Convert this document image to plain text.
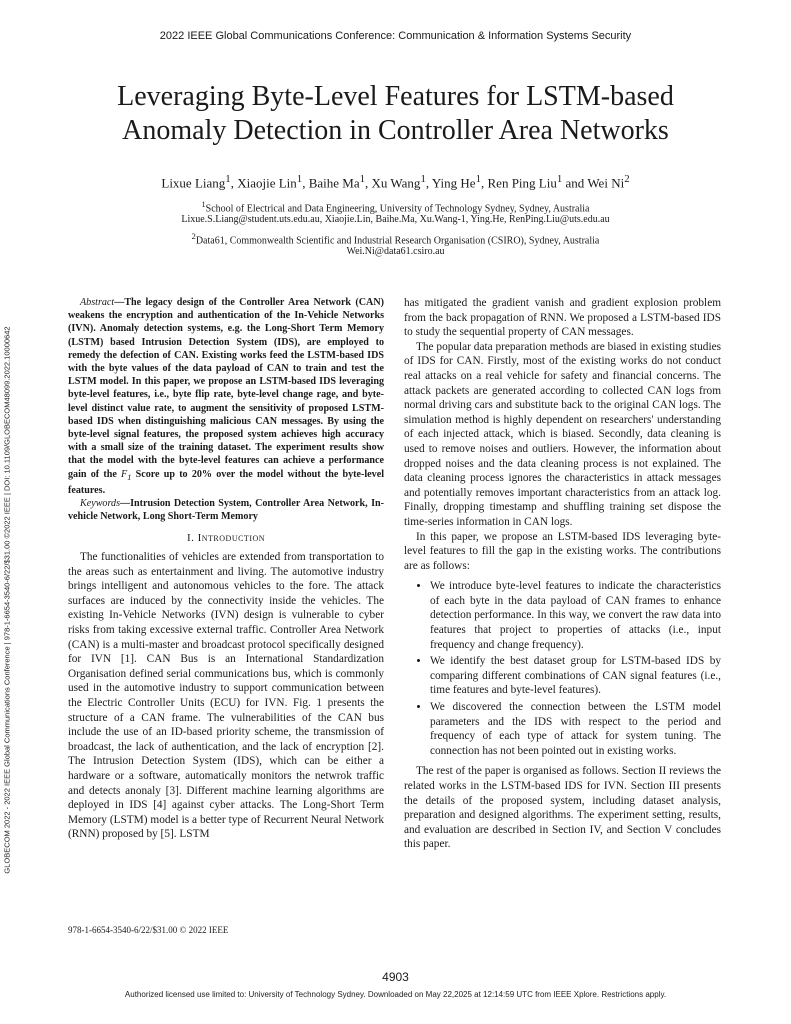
2022 IEEE Global Communications Conference: Communication & Information Systems Security
Leveraging Byte-Level Features for LSTM-based
Anomaly Detection in Controller Area Networks
Lixue Liang$^1$, Xiaojie Lin$^1$, Baihe Ma$^1$, Xu Wang$^1$, Ying He$^1$, Ren Ping Liu$^1$ and Wei Ni$^2$
$^1$School of Electrical and Data Engineering, University of Technology Sydney, Sydney, Australia
Lixue.S.Liang@student.uts.edu.au, Xiaojie.Lin, Baihe.Ma, Xu.Wang-1, Ying.He, RenPing.Liu@uts.edu.au
$^2$Data61, Commonwealth Scientific and Industrial Research Organisation (CSIRO), Sydney, Australia
Wei.Ni@data61.csiro.au
GLOBECOM 2022 - 2022 IEEE Global Communications Conference | 978-1-6654-3540-6/22/$31.00 ©2022 IEEE | DOI: 10.1109/GLOBECOM48099.2022.10000642

Abstract—The legacy design of the Controller Area Network (CAN) weakens the encryption and authentication of the In-Vehicle Networks (IVN). Anomaly detection systems, e.g. the Long-Short Term Memory (LSTM) based Intrusion Detection System (IDS), are employed to remedy the defection of CAN. Existing works feed the LSTM-based IDS with the byte values of the data payload of CAN to train and test the LSTM model. In this paper, we propose an LSTM-based IDS leveraging byte-level features, i.e., byte flip rate, byte-level change rage, and byte-level distinct value rate, to augment the sensitivity of proposed LSTM-based IDS when distinguishing malicious CAN messages. By using the byte-level signal features, the proposed system achieves high accuracy with a small size of the training dataset. The experiment results show that the model with the byte-level features can achieve a performance gain of the $F_1$ Score up to 20% over the model without the byte-level features.

Keywords—Intrusion Detection System, Controller Area Network, In-vehicle Network, Long Short-Term Memory

I. Introduction

The functionalities of vehicles are extended from transportation to the areas such as entertainment and living. The automotive industry brings intelligent and autonomous vehicles to the fore. The attack surfaces are induced by the connectivity inside the vehicles. The existing In-Vehicle Networks (IVN) design is vulnerable to cyber risks from taking excessive external traffic. Controller Area Network (CAN) is a multi-master and broadcast protocol specifically designed for IVN [1]. CAN Bus is an International Standardization Organisation defined serial communications bus, which is commonly used in the automotive industry to support communication between the Electric Controller Units (ECU) for IVN. Fig. 1 presents the structure of a CAN frame. The vulnerabilities of the CAN bus include the use of an ID-based priority scheme, the transmission of broadcast, the lack of authentication, and the lack of encryption [2]. The Intrusion Detection System (IDS), which can be either a hardware or a software, automatically monitors the netwrok traffic and detects anonaly [3]. Different machine learning algorithms are deployed in IDS [4] against cyber attacks. The Long-Short Term Memory (LSTM) model is a better type of Recurrent Neural Network (RNN) proposed by [5]. LSTM

978-1-6654-3540-6/22/$31.00 © 2022 IEEE

has mitigated the gradient vanish and gradient explosion problem from the back propagation of RNN. We proposed a LSTM-based IDS to study the sequential property of CAN messages.

The popular data preparation methods are biased in existing studies of IDS for CAN. Firstly, most of the existing works do not conduct real attacks on a real vehicle for safety and financial concerns. The attack packets are generated according to collected CAN logs from normal driving cars and substitute back to the original CAN logs. The simulation method is highly dependent on researchers' understanding of each injected attack, which is biased. Secondly, data cleaning is used to remove noises and outliers. However, the information about dropped noises and the data cleaning process is not explained. The data cleaning process ignores the characteristics in attack messages and potentially removes important characteristics from an attack log. Finally, dropping timestamp and shuffling training set dispose the time-series information in CAN logs.

In this paper, we propose an LSTM-based IDS leveraging byte-level features to fill the gap in the existing works. The contributions are as follows:

• We introduce byte-level features to indicate the characteristics of each byte in the data payload of CAN frames to enhance detection performance. In this way, we convert the raw data into features that project to properties of attacks (i.e., input frequency and change frequency).
• We identify the best dataset group for LSTM-based IDS by comparing different combinations of CAN signal features (i.e., time features and byte-level features).
• We discovered the connection between the LSTM model parameters and the IDS with respect to the period and frequency of each type of attack for system tuning. The connection has not been pointed out in existing works.

The rest of the paper is organised as follows. Section II reviews the related works in the LSTM-based IDS for IVN. Section III presents the details of the proposed system, including dataset analysis, preparation and designed algorithms. The experiment setting, results, and evaluation are described in Section IV, and Section V concludes this paper.

4903
Authorized licensed use limited to: University of Technology Sydney. Downloaded on May 22,2025 at 12:14:59 UTC from IEEE Xplore. Restrictions apply.
